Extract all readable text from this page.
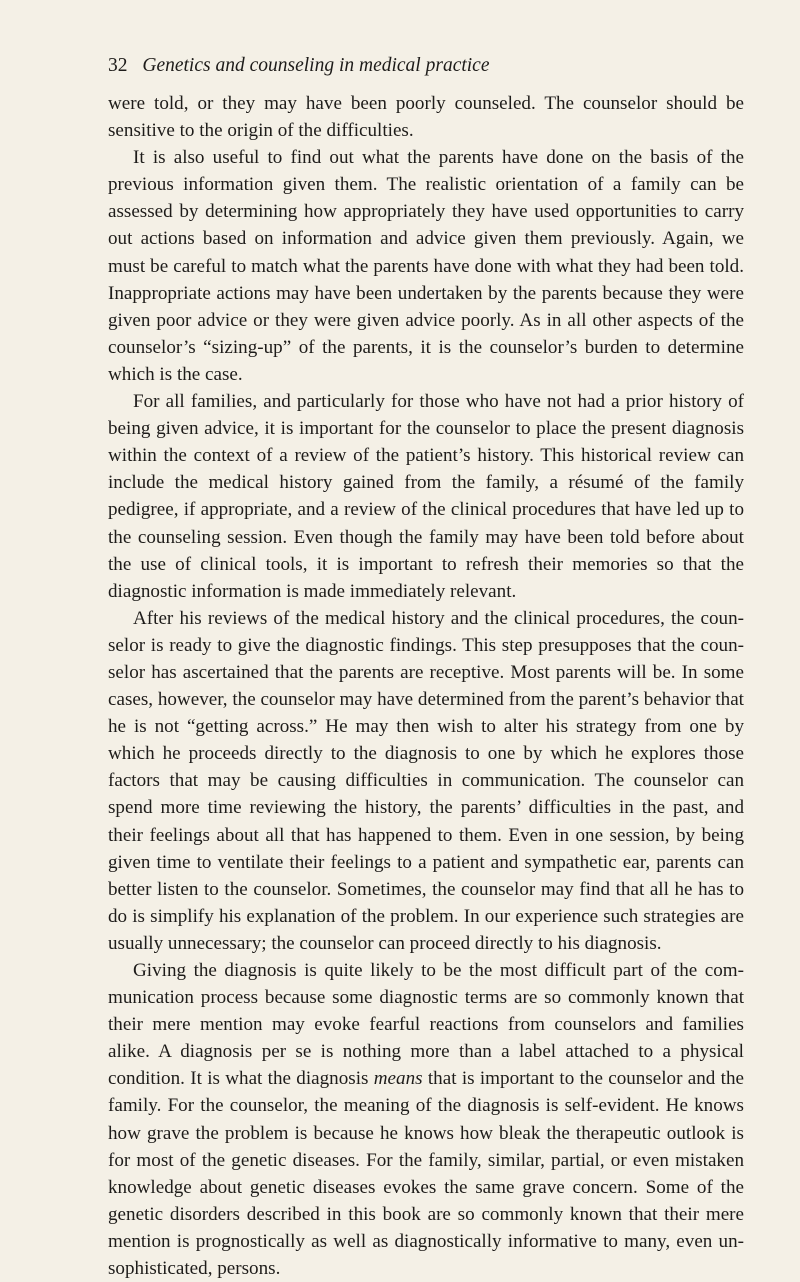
32 Genetics and counseling in medical practice

were told, or they may have been poorly counseled. The counselor should be sensitive to the origin of the difficulties.

It is also useful to find out what the parents have done on the basis of the previous information given them. The realistic orientation of a family can be assessed by determining how appropriately they have used opportunities to carry out actions based on information and advice given them previously. Again, we must be careful to match what the parents have done with what they had been told. Inappropriate actions may have been undertaken by the parents because they were given poor advice or they were given advice poorly. As in all other aspects of the counselor’s “sizing-up” of the parents, it is the counselor’s burden to determine which is the case.

For all families, and particularly for those who have not had a prior history of being given advice, it is important for the counselor to place the present diagnosis within the context of a review of the patient’s history. This historical review can include the medical history gained from the family, a résumé of the family pedigree, if appropriate, and a review of the clinical procedures that have led up to the counseling session. Even though the family may have been told before about the use of clinical tools, it is important to refresh their memories so that the diagnostic information is made immediately relevant.

After his reviews of the medical history and the clinical procedures, the counselor is ready to give the diagnostic findings. This step presupposes that the counselor has ascertained that the parents are receptive. Most parents will be. In some cases, however, the counselor may have determined from the parent’s behavior that he is not “getting across.” He may then wish to alter his strategy from one by which he proceeds directly to the diagnosis to one by which he explores those factors that may be causing difficulties in communication. The counselor can spend more time reviewing the history, the parents’ difficulties in the past, and their feelings about all that has happened to them. Even in one session, by being given time to ventilate their feelings to a patient and sympathetic ear, parents can better listen to the counselor. Sometimes, the counselor may find that all he has to do is simplify his explanation of the problem. In our experience such strategies are usually unnecessary; the counselor can proceed directly to his diagnosis.

Giving the diagnosis is quite likely to be the most difficult part of the communication process because some diagnostic terms are so commonly known that their mere mention may evoke fearful reactions from counselors and families alike. A diagnosis per se is nothing more than a label attached to a physical condition. It is what the diagnosis means that is important to the counselor and the family. For the counselor, the meaning of the diagnosis is self-evident. He knows how grave the problem is because he knows how bleak the therapeutic outlook is for most of the genetic diseases. For the family, similar, partial, or even mistaken knowledge about genetic diseases evokes the same grave concern. Some of the genetic disorders described in this book are so commonly known that their mere mention is prognostically as well as diagnostically informative to many, even unsophisticated, persons.
